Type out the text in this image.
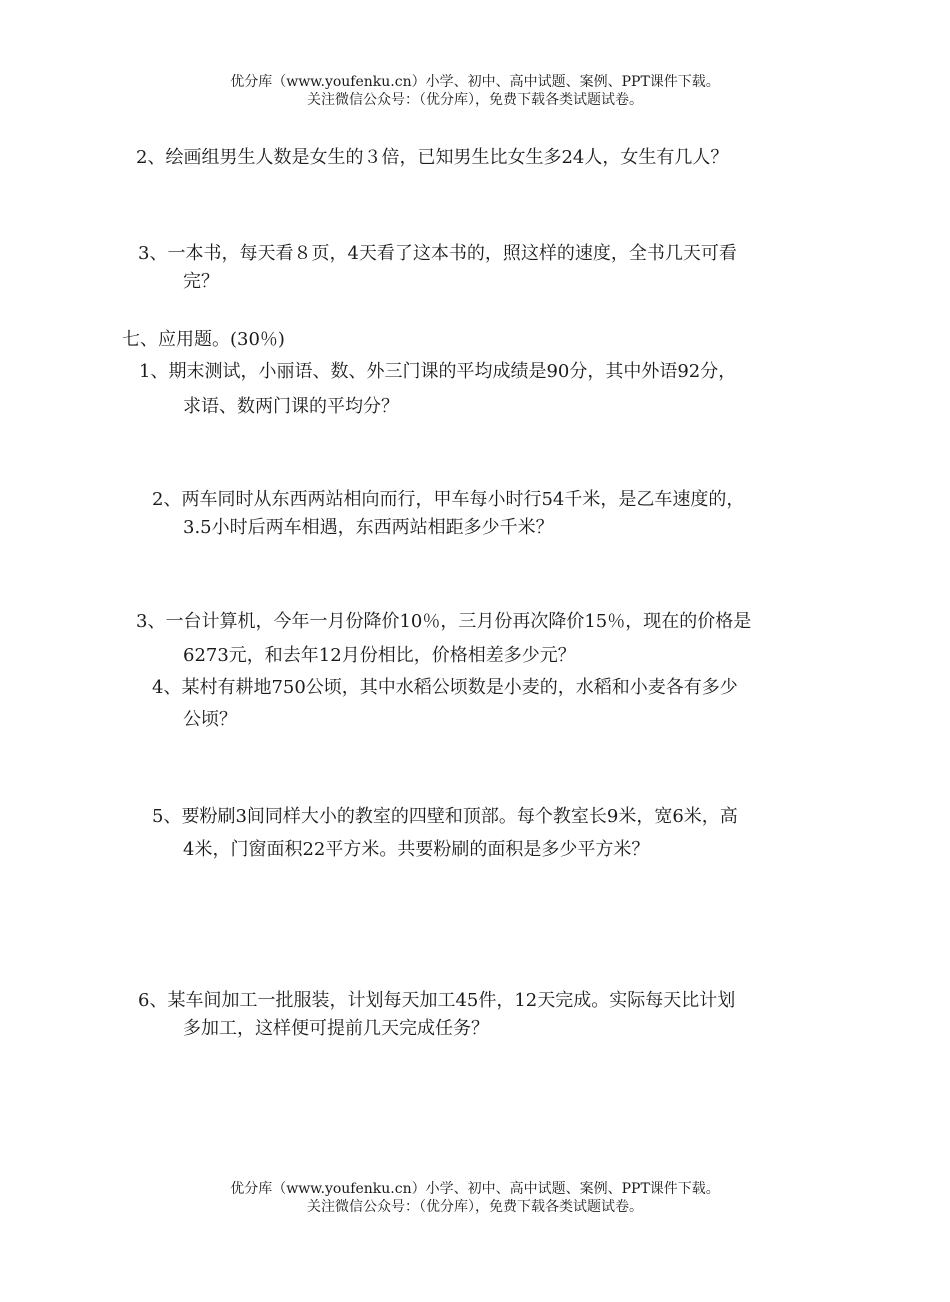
优分库（www.youfenku.cn）小学、初中、高中试题、案例、PPT课件下载。
关注微信公众号：（优分库），免费下载各类试题试卷。
2、绘画组男生人数是女生的３倍，已知男生比女生多24人，女生有几人？
3、一本书，每天看８页，4天看了这本书的，照这样的速度，全书几天可看
完？
七、应用题。(30％)
1、期末测试，小丽语、数、外三门课的平均成绩是90分，其中外语92分，
求语、数两门课的平均分？
2、两车同时从东西两站相向而行，甲车每小时行54千米，是乙车速度的，
3.5小时后两车相遇，东西两站相距多少千米？
3、一台计算机，今年一月份降价10％，三月份再次降价15％，现在的价格是
6273元，和去年12月份相比，价格相差多少元？
4、某村有耕地750公顷，其中水稻公顷数是小麦的，水稻和小麦各有多少
公顷？
5、要粉刷3间同样大小的教室的四壁和顶部。每个教室长9米，宽6米，高
4米，门窗面积22平方米。共要粉刷的面积是多少平方米？
6、某车间加工一批服装，计划每天加工45件，12天完成。实际每天比计划
多加工，这样便可提前几天完成任务？
优分库（www.youfenku.cn）小学、初中、高中试题、案例、PPT课件下载。
关注微信公众号：（优分库），免费下载各类试题试卷。
